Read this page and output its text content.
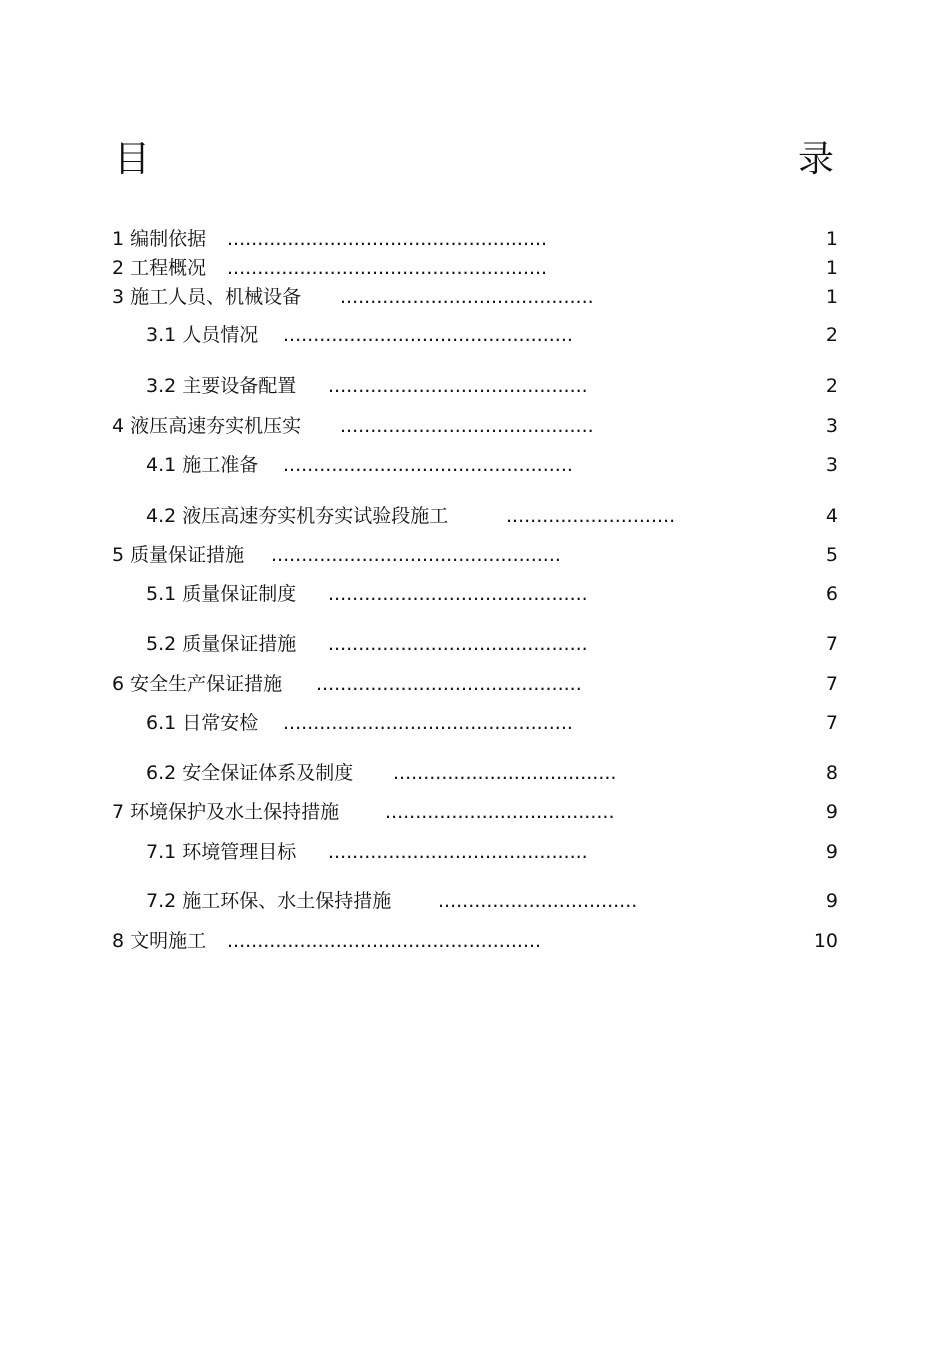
目	录
1 编制依据 .....................................................	1
2 工程概况 .....................................................	1
3 施工人员、机械设备 ..........................................	1
3.1 人员情况 ................................................	2
3.2 主要设备配置 ...........................................	2
4 液压高速夯实机压实 ..........................................	3
4.1 施工准备 ................................................	3
4.2 液压高速夯实机夯实试验段施工	............................	4
5 质量保证措施 ................................................	5
5.1 质量保证制度 ...........................................	6
5.2 质量保证措施 ...........................................	7
6 安全生产保证措施 ............................................	7
6.1 日常安检 ................................................	7
6.2 安全保证体系及制度 .....................................	8
7 环境保护及水土保持措施 ......................................	9
7.1 环境管理目标 ...........................................	9
7.2 施工环保、水土保持措施 .................................	9
8 文明施工 ....................................................	10
